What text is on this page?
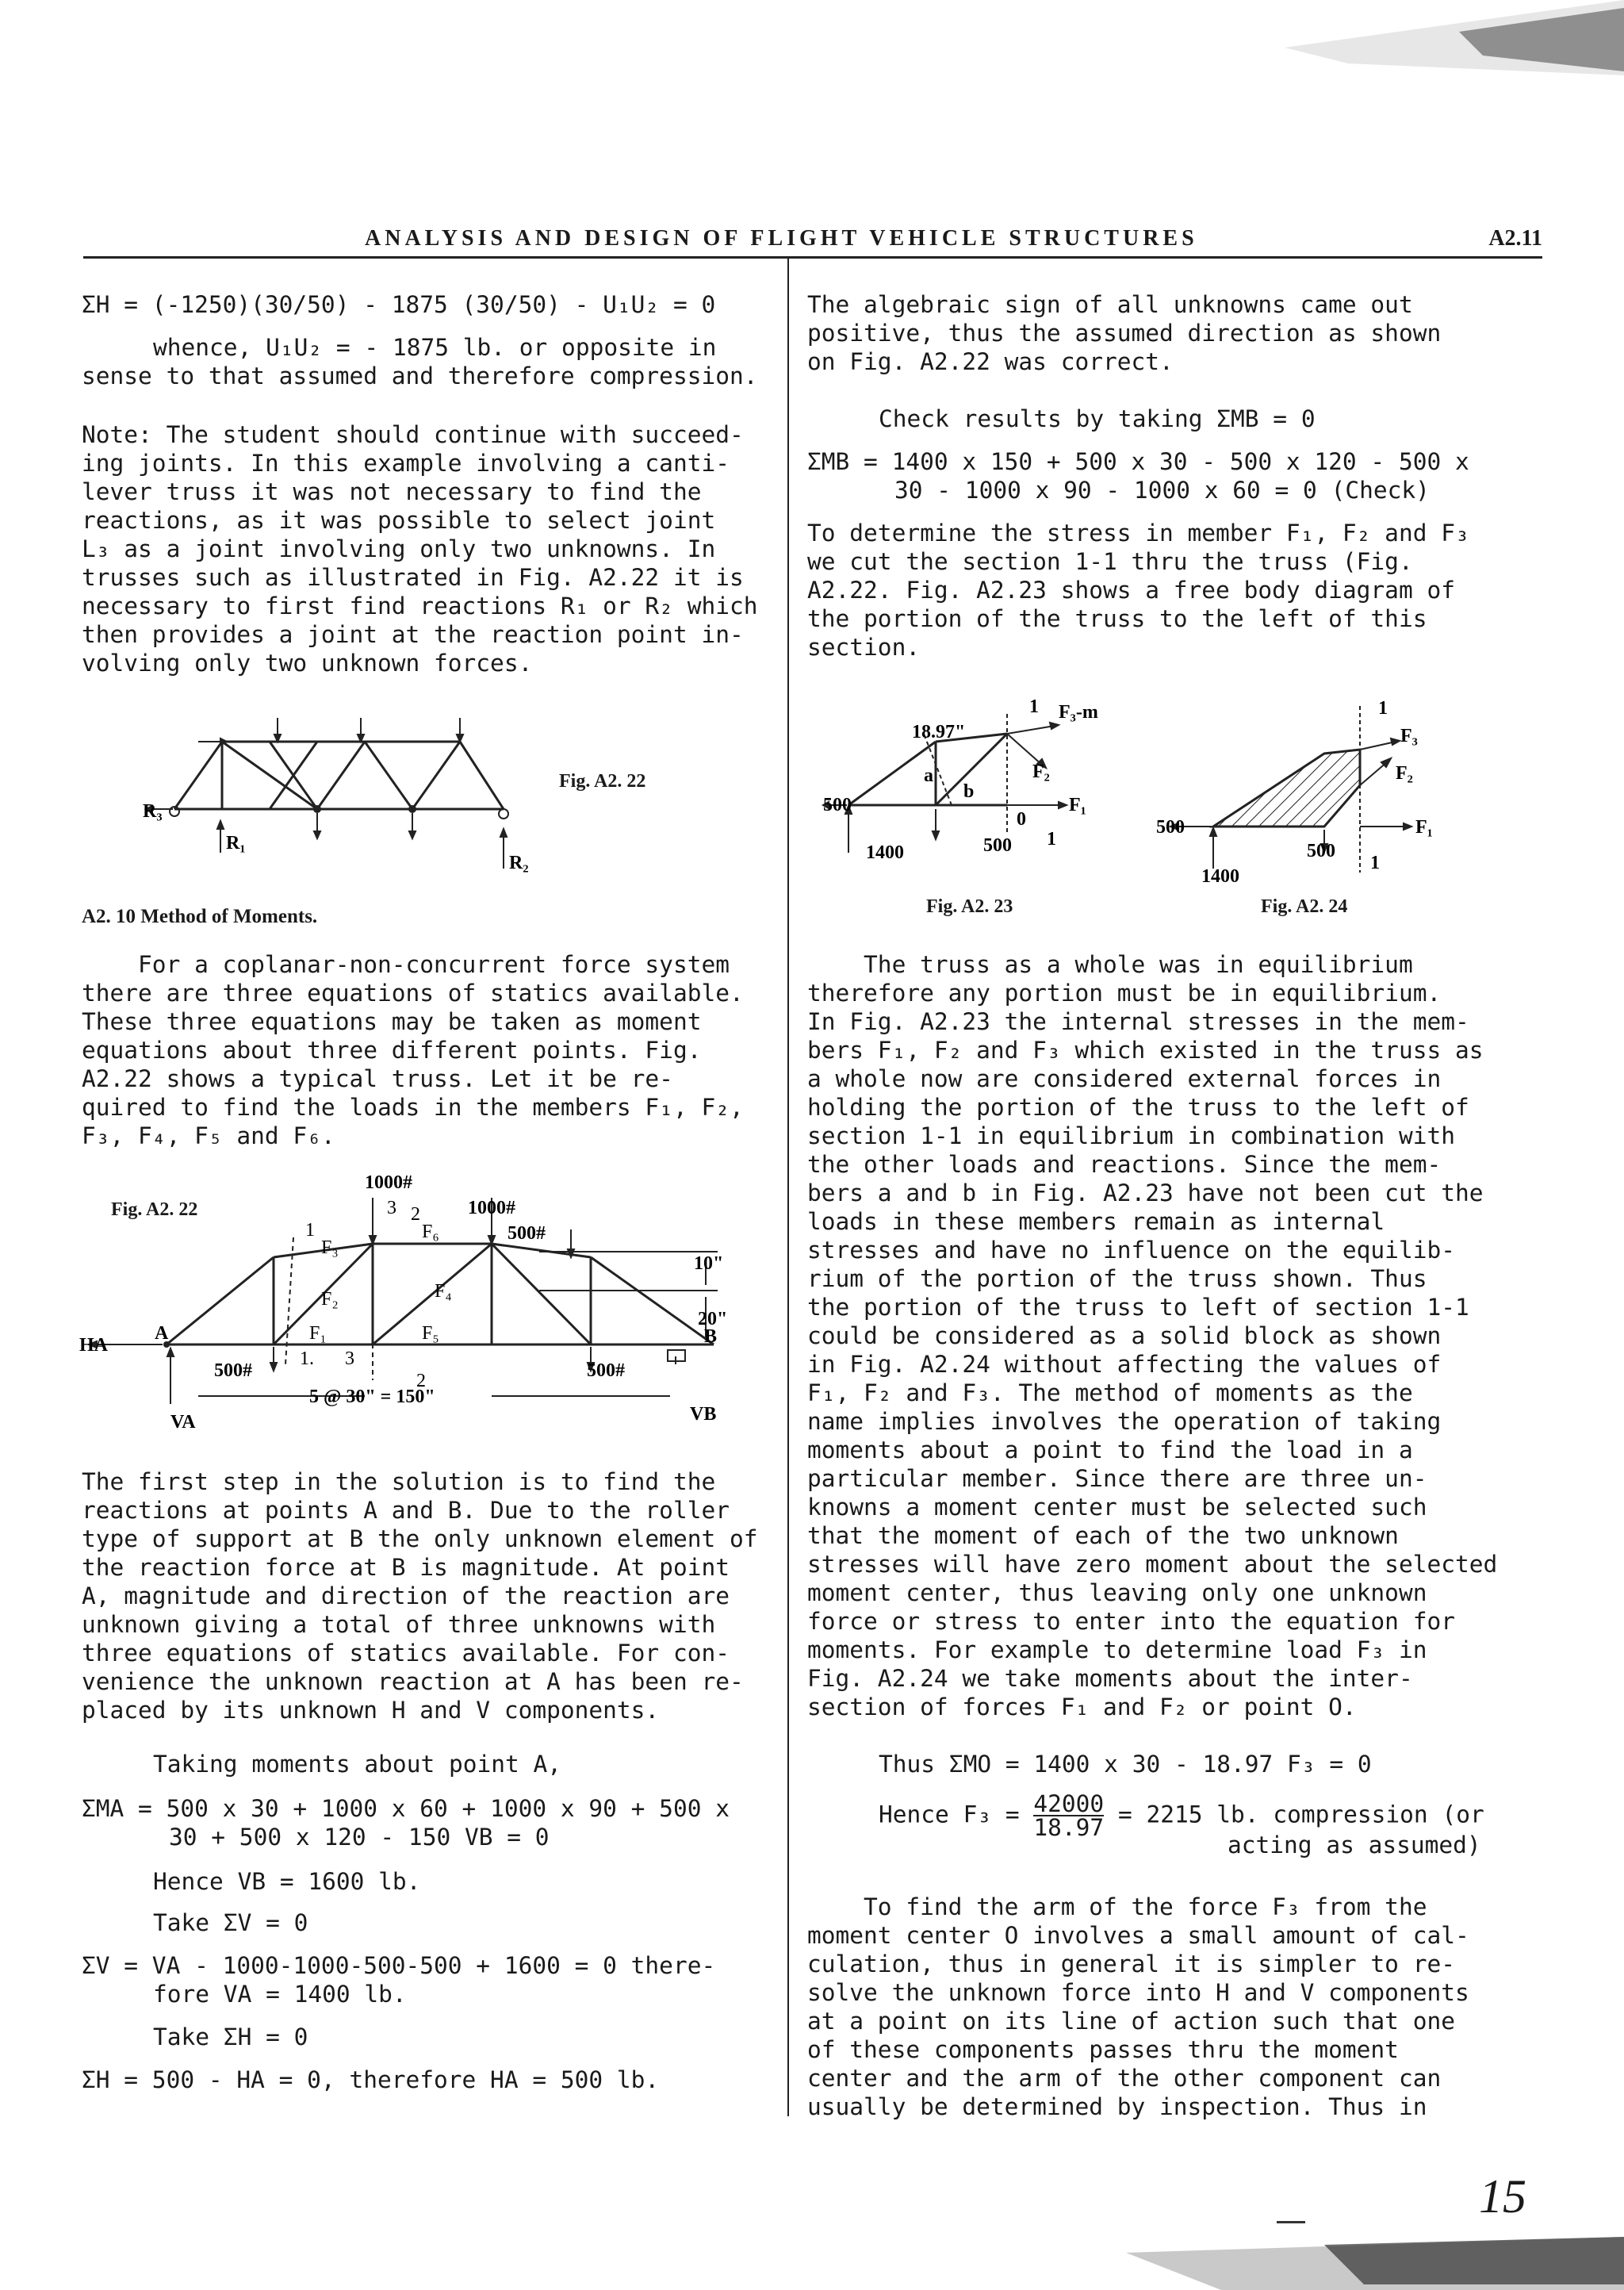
ANALYSIS AND DESIGN OF FLIGHT VEHICLE STRUCTURES	A2.11
ΣH = (-1250)(30/50) - 1875 (30/50) - U₁U₂ = 0
whence, U₁U₂ = - 1875 lb. or opposite in
sense to that assumed and therefore compression.

Note: The student should continue with succeed-

ing joints. In this example involving a canti-

lever truss it was not necessary to find the

reactions, as it was possible to select joint

L₃ as a joint involving only two unknowns. In

trusses such as illustrated in Fig. A2.22 it is

necessary to first find reactions R₁ or R₂ which

then provides a joint at the reaction point in-

volving only two unknown forces.

R₃
R₁
R₂
Fig. A2. 22
A2. 10 Method of Moments.

For a coplanar-non-concurrent force system

there are three equations of statics available.

These three equations may be taken as moment

equations about three different points. Fig.

A2.22 shows a typical truss. Let it be re-

quired to find the loads in the members F₁, F₂,

F₃, F₄, F₅ and F₆.

Fig. A2. 22
1000#
1000#
500#
500#	500#
10"
20"
5 @ 30" = 150"
HA
VA	VB
A	B
F₁
F₂
F₃
F₄
F₅
F₆
1
3 2
1. 3
2

The first step in the solution is to find the

reactions at points A and B. Due to the roller

type of support at B the only unknown element of

the reaction force at B is magnitude. At point

A, magnitude and direction of the reaction are

unknown giving a total of three unknowns with

three equations of statics available. For con-

venience the unknown reaction at A has been re-

placed by its unknown H and V components.

Taking moments about point A,
ΣMA = 500 x 30 + 1000 x 60 + 1000 x 90 + 500 x
30 + 500 x 120 - 150 VB = 0
Hence VB = 1600 lb.
Take ΣV = 0
ΣV = VA - 1000-1000-500-500 + 1600 = 0 there-
fore VA = 1400 lb.
Take ΣH = 0
ΣH = 500 - HA = 0, therefore HA = 500 lb.

The algebraic sign of all unknowns came out

positive, thus the assumed direction as shown

on Fig. A2.22 was correct.

Check results by taking ΣMB = 0
ΣMB = 1400 x 150 + 500 x 30 - 500 x 120 - 500 x
30 - 1000 x 90 - 1000 x 60 = 0 (Check)

To determine the stress in member F₁, F₂ and F₃

we cut the section 1-1 thru the truss (Fig.

A2.22. Fig. A2.23 shows a free body diagram of

the portion of the truss to the left of this

section.

18.97"
1 F₃-m
a
b
F₂
0
F₁
500
500
1400
1
Fig. A2. 23
1
F₃
F₂
F₁
500
500
1400
1
Fig. A2. 24

The truss as a whole was in equilibrium

therefore any portion must be in equilibrium.

In Fig. A2.23 the internal stresses in the mem-

bers F₁, F₂ and F₃ which existed in the truss as

a whole now are considered external forces in

holding the portion of the truss to the left of

section 1-1 in equilibrium in combination with

the other loads and reactions. Since the mem-

bers a and b in Fig. A2.23 have not been cut the

loads in these members remain as internal

stresses and have no influence on the equilib-

rium of the portion of the truss shown. Thus

the portion of the truss to left of section 1-1

could be considered as a solid block as shown

in Fig. A2.24 without affecting the values of

F₁, F₂ and F₃. The method of moments as the

name implies involves the operation of taking

moments about a point to find the load in a

particular member. Since there are three un-

knowns a moment center must be selected such

that the moment of each of the two unknown

stresses will have zero moment about the selected

moment center, thus leaving only one unknown

force or stress to enter into the equation for

moments. For example to determine load F₃ in

Fig. A2.24 we take moments about the inter-

section of forces F₁ and F₂ or point O.

Thus ΣMO = 1400 x 30 - 18.97 F₃ = 0
Hence $F_3 = \frac{42000}{18.97} = 2215$ lb. compression (or
acting as assumed)

To find the arm of the force F₃ from the

moment center O involves a small amount of cal-

culation, thus in general it is simpler to re-

solve the unknown force into H and V components

at a point on its line of action such that one

of these components passes thru the moment

center and the arm of the other component can

usually be determined by inspection. Thus in

15
